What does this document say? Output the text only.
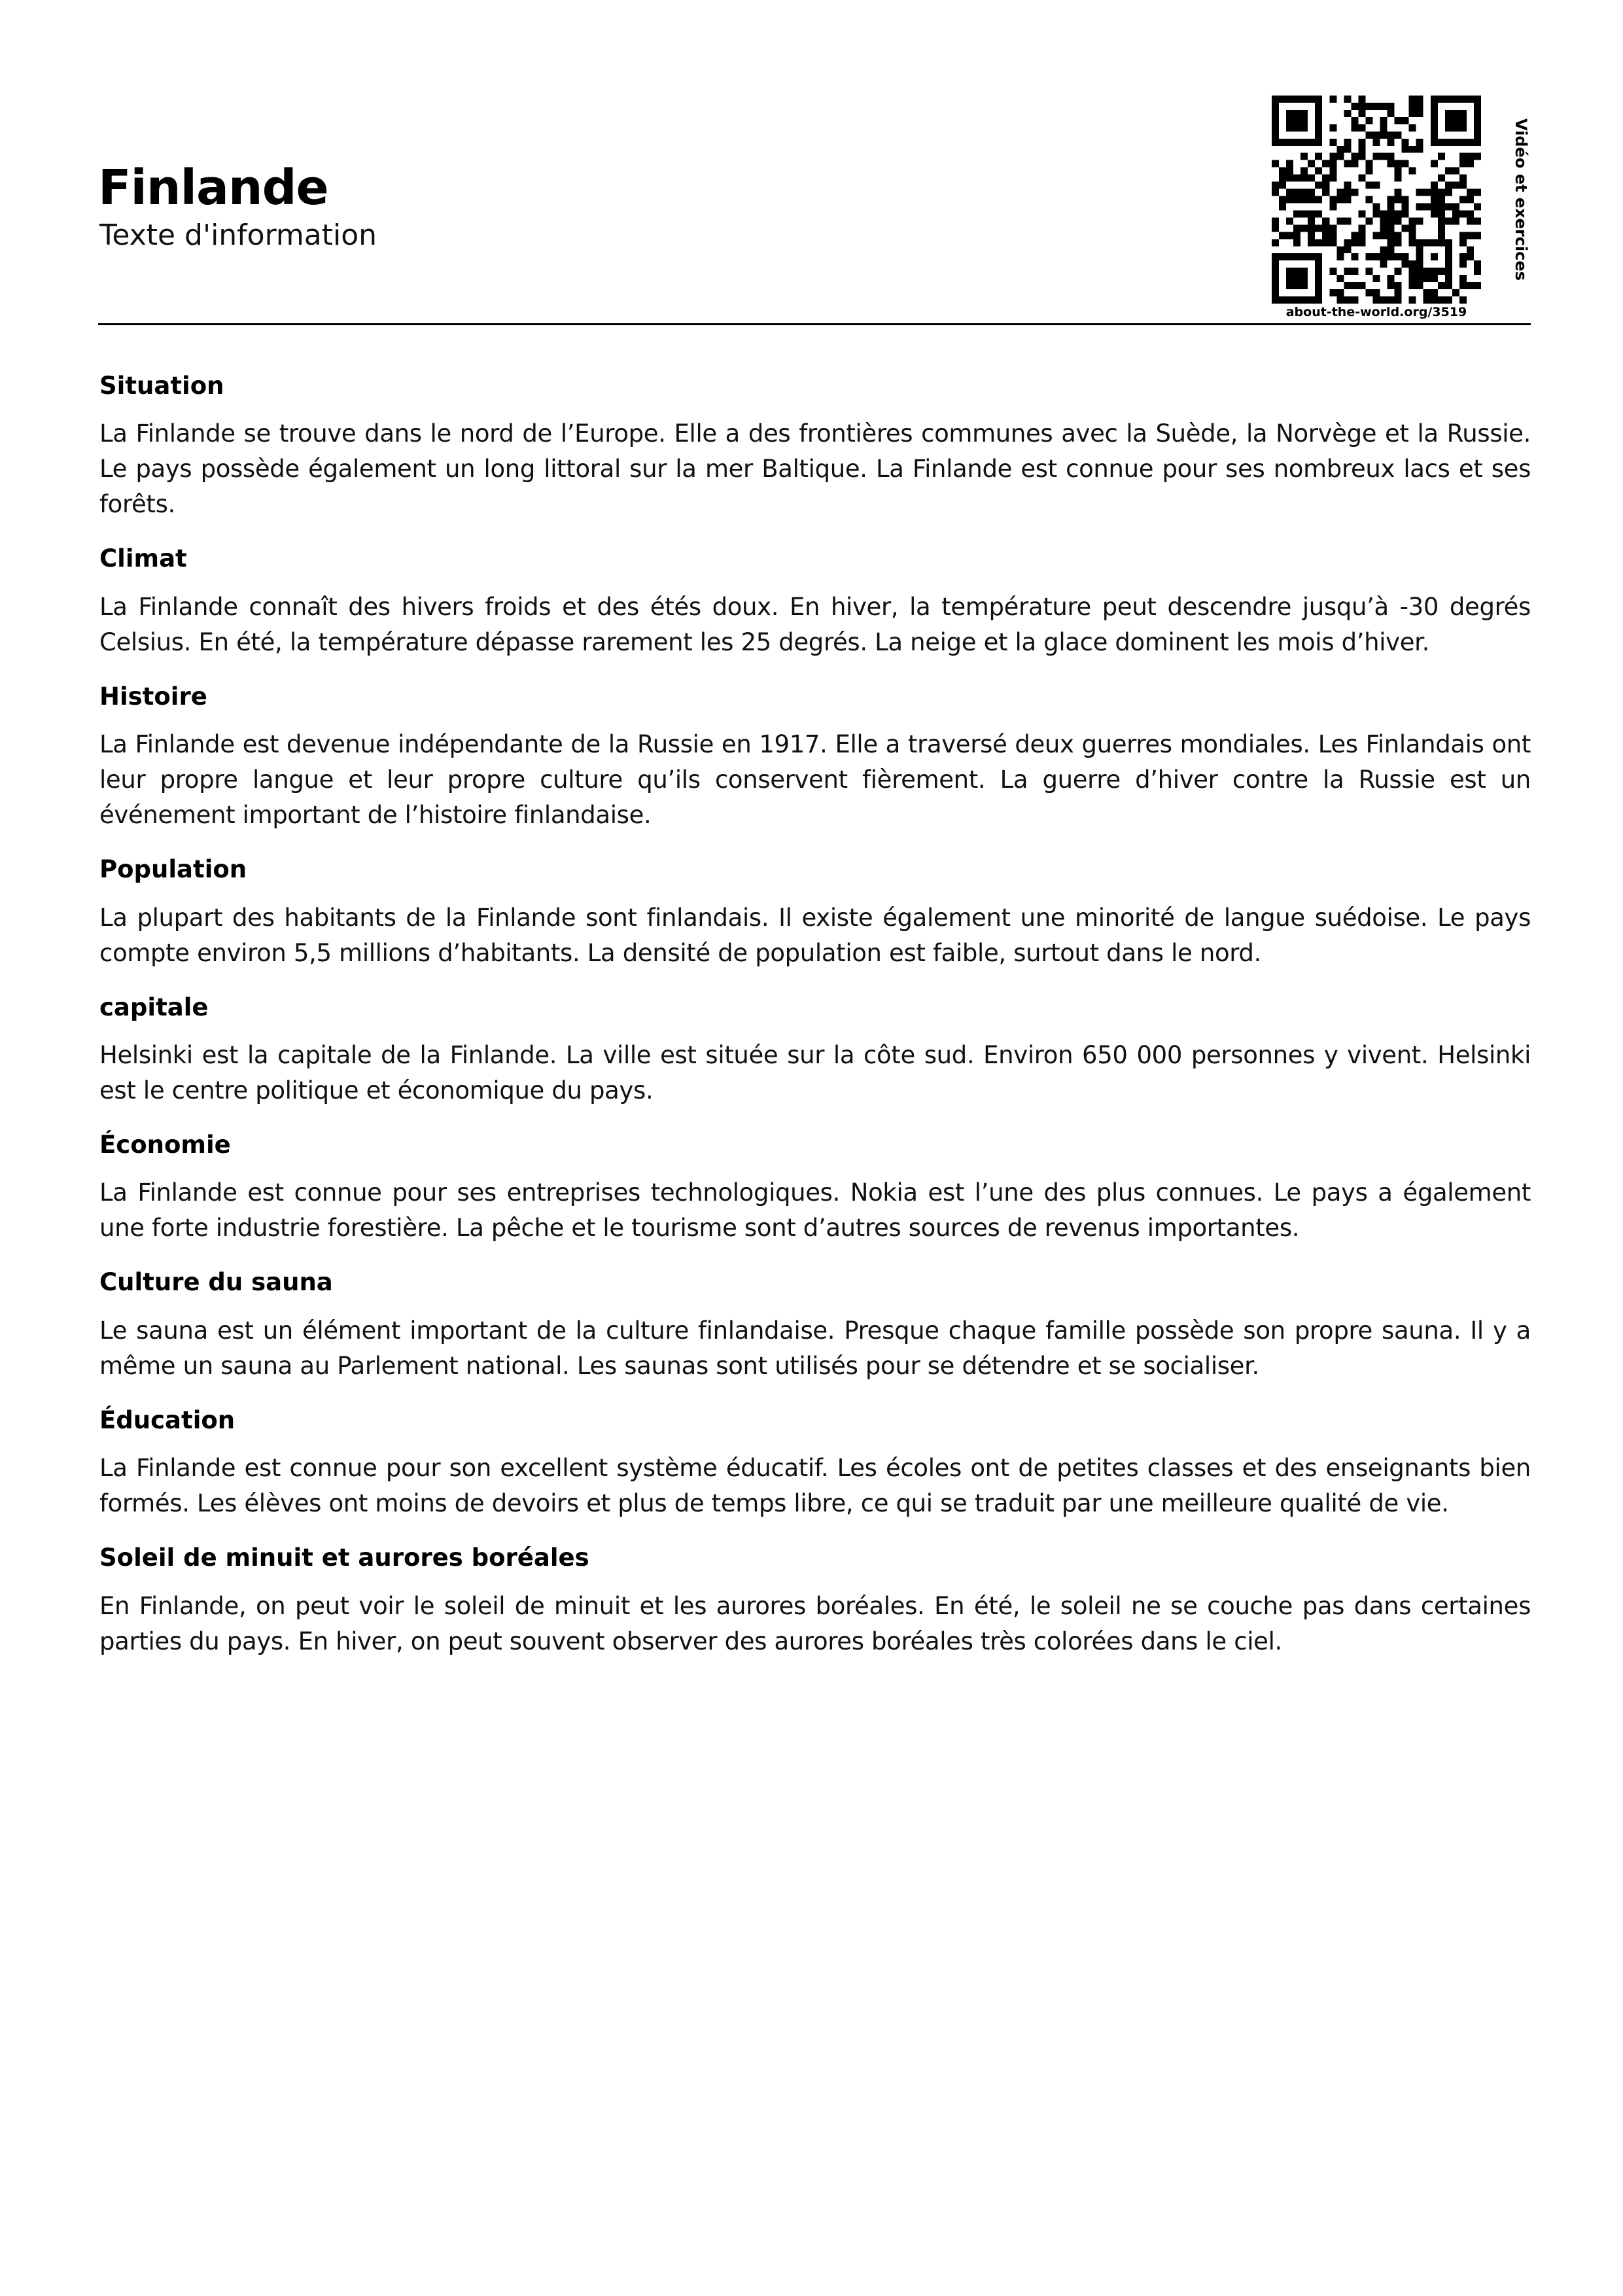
Finlande
Texte d'information	Vidéo et exercices
about-the-world.org/3519
Situation
La Finlande se trouve dans le nord de l’Europe. Elle a des frontières communes avec la Suède, la Norvège et la Russie. Le pays possède également un long littoral sur la mer Baltique. La Finlande est connue pour ses nombreux lacs et ses forêts.
Climat
La Finlande connaît des hivers froids et des étés doux. En hiver, la température peut descendre jusqu’à -30 degrés Celsius. En été, la température dépasse rarement les 25 degrés. La neige et la glace dominent les mois d’hiver.
Histoire
La Finlande est devenue indépendante de la Russie en 1917. Elle a traversé deux guerres mondiales. Les Finlandais ont leur propre langue et leur propre culture qu’ils conservent fièrement. La guerre d’hiver contre la Russie est un événement important de l’histoire finlandaise.
Population
La plupart des habitants de la Finlande sont finlandais. Il existe également une minorité de langue suédoise. Le pays compte environ 5,5 millions d’habitants. La densité de population est faible, surtout dans le nord.
capitale
Helsinki est la capitale de la Finlande. La ville est située sur la côte sud. Environ 650 000 personnes y vivent. Helsinki est le centre politique et économique du pays.
Économie
La Finlande est connue pour ses entreprises technologiques. Nokia est l’une des plus connues. Le pays a également une forte industrie forestière. La pêche et le tourisme sont d’autres sources de revenus importantes.
Culture du sauna
Le sauna est un élément important de la culture finlandaise. Presque chaque famille possède son propre sauna. Il y a même un sauna au Parlement national. Les saunas sont utilisés pour se détendre et se socialiser.
Éducation
La Finlande est connue pour son excellent système éducatif. Les écoles ont de petites classes et des enseignants bien formés. Les élèves ont moins de devoirs et plus de temps libre, ce qui se traduit par une meilleure qualité de vie.
Soleil de minuit et aurores boréales
En Finlande, on peut voir le soleil de minuit et les aurores boréales. En été, le soleil ne se couche pas dans certaines parties du pays. En hiver, on peut souvent observer des aurores boréales très colorées dans le ciel.
